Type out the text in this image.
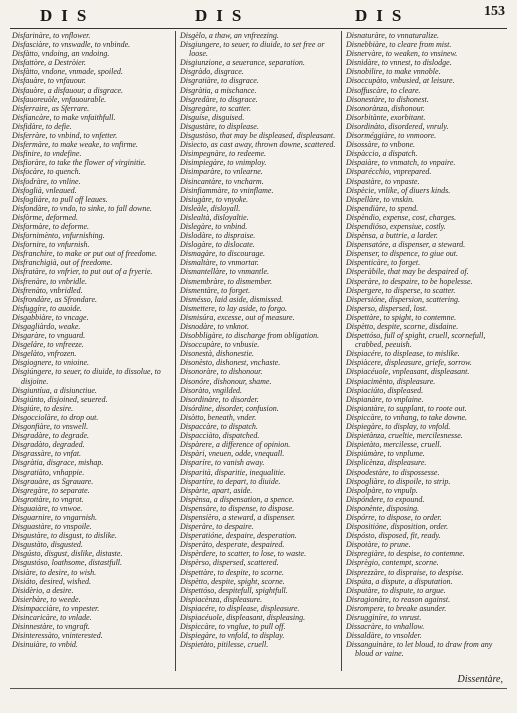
DIS	DIS	DIS	153

Disfarinàre, to vnflower.

Disfasciàre, to vnswadle, to vnbinde.

Disfàtto, vndoing, an vndoing.

Disfattòre, a Destròier.

Disfàtto, vndone, vnmade, spoiled.

Disfauàre, to vnfauour.

Disfauòre, a disfauour, a disgrace.

Disfauoreuòle, vnfauourable.

Disferraire, as Sferrare.

Disfiancàre, to make vnfaithfull.

Disfidàre, to defie.

Disferràre, to vnbind, to vnfetter.

Disfermàre, to make weake, to vnfirme.

Disfinire, to vndefine.

Disfioràre, to take the flower of virginitie.

Disfocàre, to quench.

Disfodràre, to vnline.

Disfoglià, vnleaued.

Disfogliàre, to pull off leaues.

Disfondàre, to vndo, to sinke, to fall downe.

Disfòrme, deformed.

Disformàre, to deforme.

Disfornimènto, vnfurnishing.

Disfornire, to vnfurnish.

Disfranchíre, to make or put out of freedome.

Disfranchigià, out of freedome.

Disfratàre, to vnfrier, to put out of a fryerie.

Disfrenàre, to vnbridle.

Disfrenàto, vnbridled.

Disfrondàre, as Sfrondare.

Disfuggíre, to auoide.

Disgabbiàre, to vncage.

Disgagliàrdo, weake.

Disgaràre, to vnguard.

Disgeláre, to vnfreeze.

Disgelàto, vnfrozen.

Disgiognere, to vnioine.

Disgiúngere, to seuer, to diuide, to dissolue, to disjoine.

Disgiuntíua, a disiunctiue.

Disgiúnto, disjoined, seuered.

Disgiúre, to desire.

Disgocciolàre, to drop out.

Disgonfiàre, to vnswell.

Disgradàre, to degrade.

Disgradàto, degraded.

Disgrassàre, to vnfat.

Disgràtia, disgrace, mishap.

Disgratiàto, vnhappie.

Disgrauàre, as Sgrauare.

Disgregàre, to separate.

Disgrottàre, to vngrot.

Disguaiàre, to vnwoe.

Disguarnire, to vngarnish.

Disguastàre, to vnspoile.

Disgustàre, to disgust, to dislike.

Disgustàto, disgusted.

Disgústo, disgust, dislike, distaste.

Disgustóso, loathsome, distastfull.

Disiàre, to desire, to wish.

Disiáto, desired, wished.

Disidèrio, a desire.

Disierbàre, to weede.

Disimpacciàre, to vnpester.

Disincaricàre, to vnlade.

Disinnestàre, to vngraft.

Disinteressàto, vninterested.

Disinuiàre, to vnbid.

Disgèlo, a thaw, an vnfreezing.

Disgiungere, to seuer, to diuide, to set free or loose.

Disgiunzione, a seuerance, separation.

Disgràdo, disgrace.

Disgratiàre, to disgrace.

Disgràtia, a mischance.

Disgredàre, to disgrace.

Disgregàre, to scatter.

Disguíse, disguised.

Disgustàre, to displease.

Disgustòso, that may be displeased, displeasant.

Disiecto, as cast away, thrown downe, scattered.

Disimpegnàre, to redeeme.

Disimpiegàre, to vnimploy.

Disimparàre, to vnlearne.

Disincantàre, to vncharm.

Disinfiammàre, to vninflame.

Disiugàre, to vnyoke.

Disleàle, disloyall.

Dislealtà, disloyaltie.

Dislegàre, to vnbind.

Dislodàre, to dispraise.

Dislogàre, to dislocate.

Dismagàre, to discourage.

Dismaltàre, to vnmortar.

Dismantellàre, to vnmantle.

Dismembràre, to dismember.

Dismentàre, to forget.

Dismésso, laid aside, dismissed.

Dismettere, to lay aside, to forgo.

Dismisúra, excesse, out of measure.

Disnodàre, to vnknot.

Disobbligàre, to discharge from obligation.

Disoccupàre, to vnbusie.

Disonestà, dishonestie.

Disonèsto, dishonest, vnchaste.

Disonoràre, to dishonour.

Disonóre, dishonour, shame.

Disoràto, vngilded.

Disordinàre, to disorder.

Disórdine, disorder, confusion.

Disòtto, beneath, vnder.

Dispaccàre, to dispatch.

Dispacciàto, dispatched.

Dispàrere, a difference of opinion.

Dispàri, vneuen, odde, vnequall.

Disparíre, to vanish away.

Disparità, disparitie, inequalitie.

Dispartíre, to depart, to diuide.

Dispàrte, apart, aside.

Dispènsa, a dispensation, a spence.

Dispensàre, to dispense, to dispose.

Dispensièro, a steward, a dispenser.

Disperàre, to despaire.

Disperatióne, despaire, desperation.

Disperàto, desperate, despaired.

Dispèrdere, to scatter, to lose, to waste.

Dispèrso, dispersed, scattered.

Dispettàre, to despite, to scorne.

Dispètto, despite, spight, scorne.

Dispettóso, despitefull, spightfull.

Dispiacènza, displeasure.

Dispiacére, to displease, displeasure.

Dispiacéuole, displeasant, displeasing.

Dispiccàre, to vnglue, to pull off.

Dispiegàre, to vnfold, to display.

Dispietàto, pitilesse, cruell.

Disnaturàre, to vnnaturalize.

Disnebbiàre, to cleare from mist.

Disnervàre, to weaken, to vnsinew.

Disnidàre, to vnnest, to dislodge.

Disnobilire, to make vnnoble.

Disoccupàto, vnbusied, at leisure.

Disoffuscàre, to cleare.

Disonestàre, to dishonest.

Disonorànza, dishonour.

Disorbitànte, exorbitant.

Disordinàto, disordered, vnruly.

Disorméggiàre, to vnmoore.

Disossàre, to vnbone.

Dispàccio, a dispatch.

Dispaiàre, to vnmatch, to vnpaire.

Disparécchio, vnprepared.

Dispastàre, to vnpaste.

Dispècie, vnlike, of diuers kinds.

Dispellàre, to vnskin.

Dispendiàre, to spend.

Dispèndio, expense, cost, charges.

Dispendióso, expensiue, costly.

Dispènsa, a buttrie, a larder.

Dispensatóre, a dispenser, a steward.

Dispenser, to dispence, to giue out.

Dispenticàre, to forget.

Disperàbile, that may be despaired of.

Disperàre, to despaire, to be hopelesse.

Dispergere, to disperse, to scatter.

Dispersióne, dispersion, scattering.

Disperso, dispersed, lost.

Dispettàre, to spight, to contemne.

Dispètto, despite, scorne, disdaine.

Dispettóso, full of spight, cruell, scornefull, crabbed, peeuish.

Dispiacére, to displease, to mislike.

Dispiàcere, displeasure, griefe, sorrow.

Dispiacéuole, vnpleasant, displeasant.

Dispiacimènto, displeasure.

Dispiaciúto, displeased.

Dispianàre, to vnplaine.

Dispiantàre, to supplant, to roote out.

Dispiccàre, to vnhang, to take downe.

Dispiegàre, to display, to vnfold.

Dispietànza, crueltie, mercilesnesse.

Dispietàto, mercilesse, cruell.

Dispiùmàre, to vnplume.

Displicènza, displeasure.

Dispodestàre, to dispossesse.

Dispogliàre, to dispoile, to strip.

Dispolpàre, to vnpulp.

Dispóndere, to expound.

Disponènte, disposing.

Dispórre, to dispose, to order.

Dispositióne, disposition, order.

Dispósto, disposed, fit, ready.

Dispotàre, to prune.

Dispregiàre, to despise, to contemne.

Disprègio, contempt, scorne.

Disprezzàre, to dispraise, to despise.

Dispúta, a dispute, a disputation.

Disputàre, to dispute, to argue.

Disragionàre, to reason against.

Disrompere, to breake asunder.

Disrugginíre, to vnrust.

Dissacràre, to vnhallow.

Dissaldàre, to vnsolder.

Dissanguinàre, to let bloud, to draw from any bloud or vaine.

Dissentàre,
